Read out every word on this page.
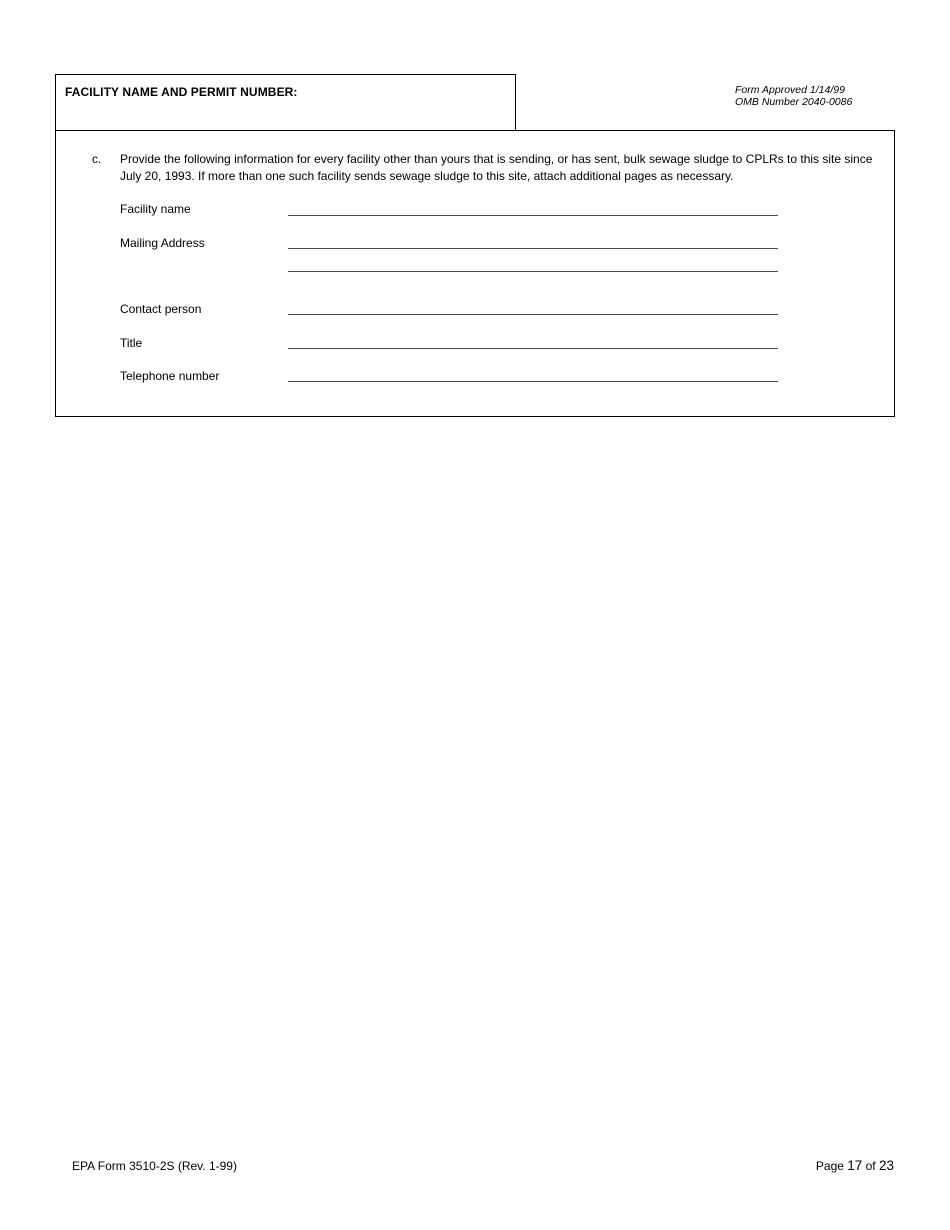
FACILITY NAME AND PERMIT NUMBER:	Form Approved 1/14/99
OMB Number 2040-0086
c. Provide the following information for every facility other than yours that is sending, or has sent, bulk sewage sludge to CPLRs to this site since July 20, 1993. If more than one such facility sends sewage sludge to this site, attach additional pages as necessary.
Facility name
Mailing Address
Contact person
Title
Telephone number
EPA Form 3510-2S (Rev. 1-99)	Page 17 of 23
